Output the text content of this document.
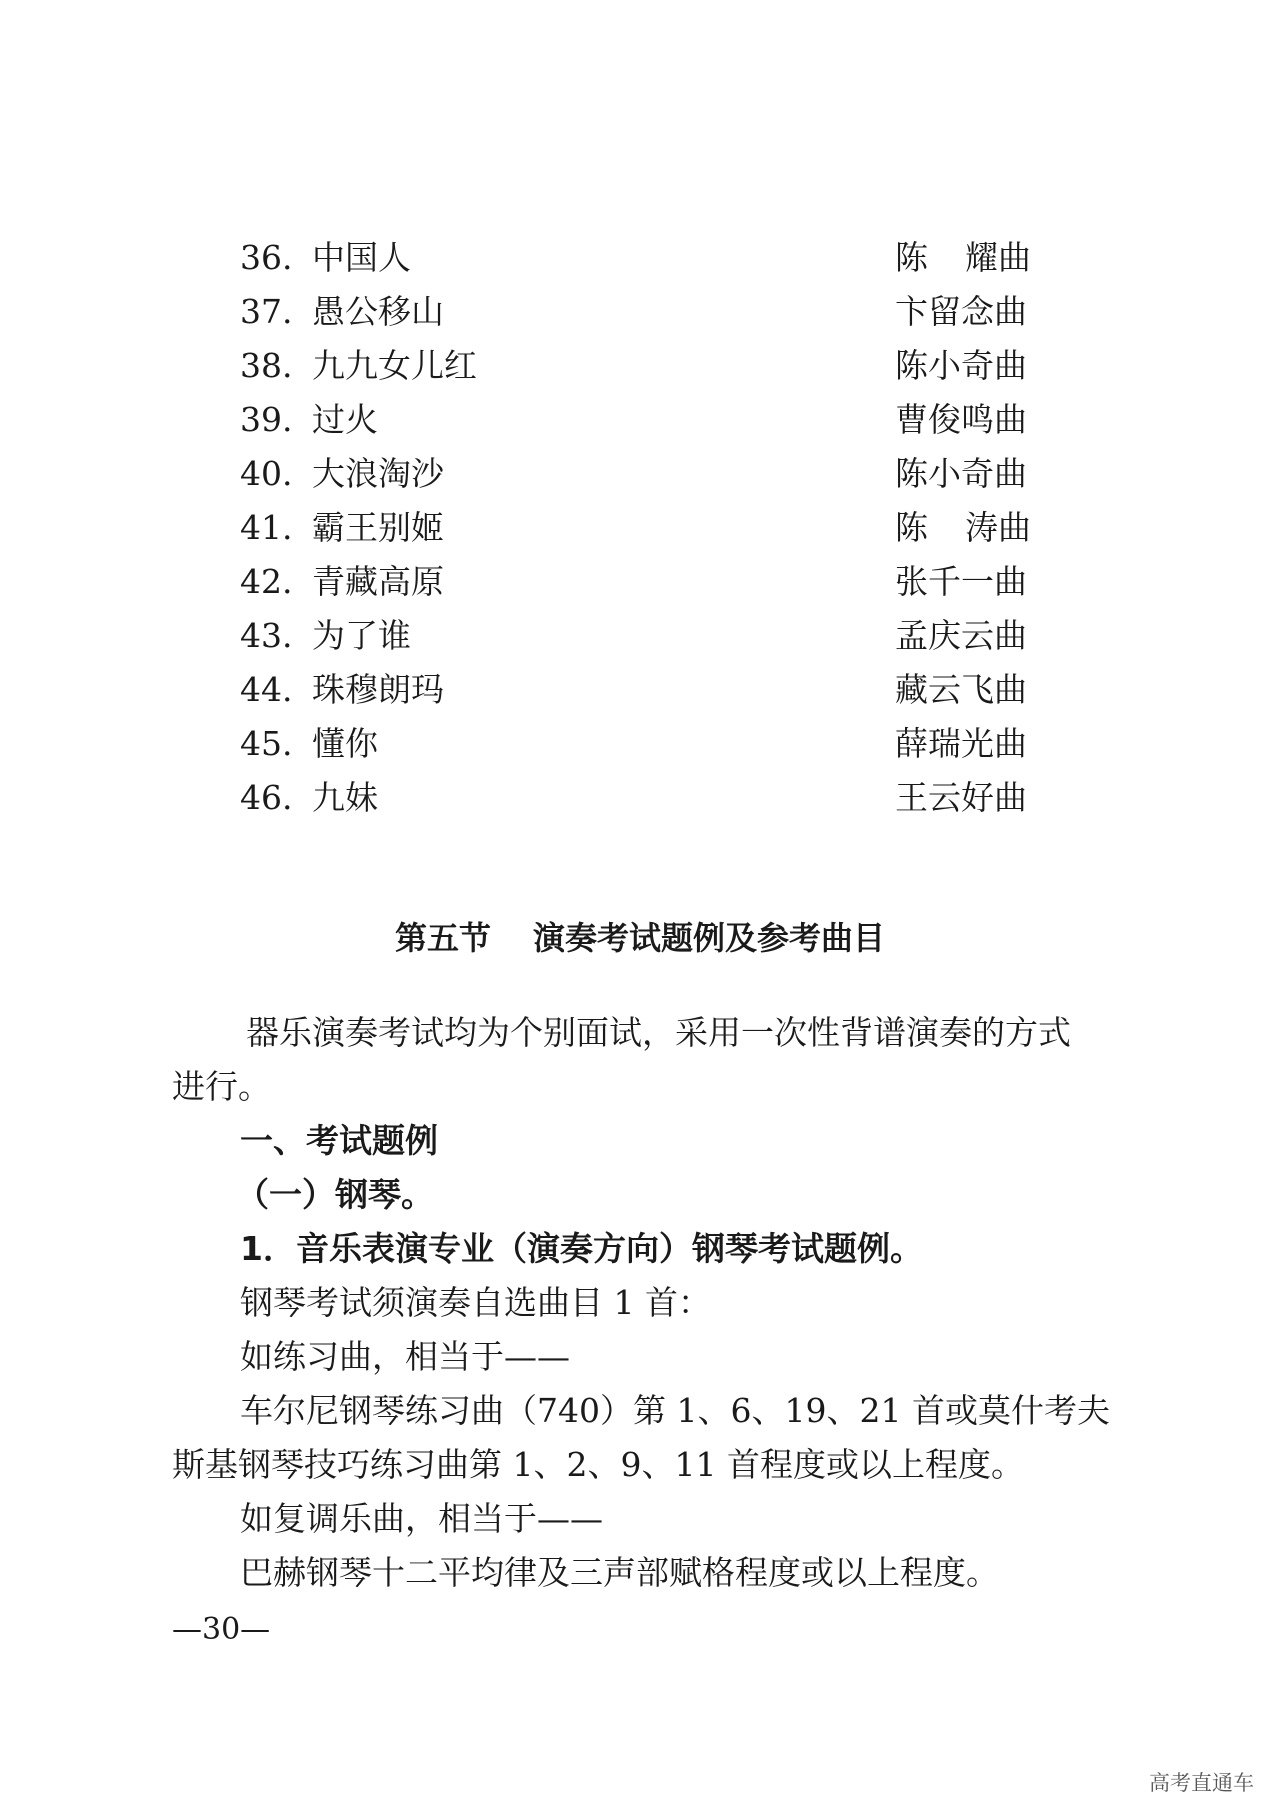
36. 中国人	陈 耀曲
37. 愚公移山	卞留念曲
38. 九九女儿红	陈小奇曲
39. 过火	曹俊鸣曲
40. 大浪淘沙	陈小奇曲
41. 霸王别姬	陈 涛曲
42. 青藏高原	张千一曲
43. 为了谁	孟庆云曲
44. 珠穆朗玛	藏云飞曲
45. 懂你	薛瑞光曲
46. 九妹	王云好曲
第五节 演奏考试题例及参考曲目
器乐演奏考试均为个别面试，采用一次性背谱演奏的方式
进行。
一、考试题例
（一）钢琴。
1．音乐表演专业（演奏方向）钢琴考试题例。
钢琴考试须演奏自选曲目 1 首：
如练习曲，相当于——
车尔尼钢琴练习曲（740）第 1、6、19、21 首或莫什考夫
斯基钢琴技巧练习曲第 1、2、9、11 首程度或以上程度。
如复调乐曲，相当于——
巴赫钢琴十二平均律及三声部赋格程度或以上程度。
—30—
高考直通车
